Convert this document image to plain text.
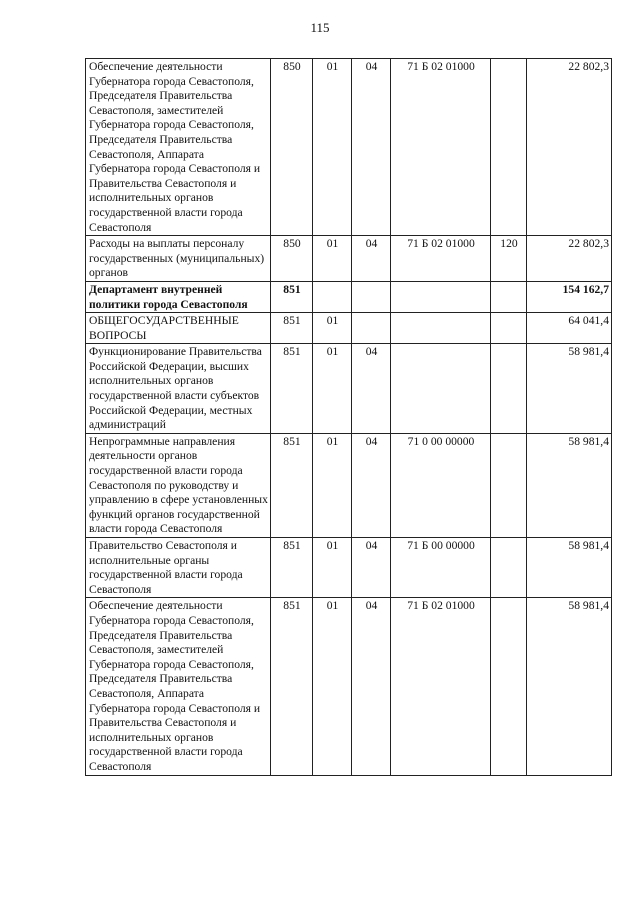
115
Обеспечение деятельности Губернатора города Севастополя, Председателя Правительства Севастополя, заместителей Губернатора города Севастополя, Председателя Правительства Севастополя, Аппарата Губернатора города Севастополя и Правительства Севастополя и исполнительных органов государственной власти города Севастополя	850	01	04	71 Б 02 01000		22 802,3
Расходы на выплаты персоналу государственных (муниципальных) органов	850	01	04	71 Б 02 01000	120	22 802,3
Департамент внутренней политики города Севастополя	851					154 162,7
ОБЩЕГОСУДАРСТВЕННЫЕ ВОПРОСЫ	851	01				64 041,4
Функционирование Правительства Российской Федерации, высших исполнительных органов государственной власти субъектов Российской Федерации, местных администраций	851	01	04			58 981,4
Непрограммные направления деятельности органов государственной власти города Севастополя по руководству и управлению в сфере установленных функций органов государственной власти города Севастополя	851	01	04	71 0 00 00000		58 981,4
Правительство Севастополя и исполнительные органы государственной власти города Севастополя	851	01	04	71 Б 00 00000		58 981,4
Обеспечение деятельности Губернатора города Севастополя, Председателя Правительства Севастополя, заместителей Губернатора города Севастополя, Председателя Правительства Севастополя, Аппарата Губернатора города Севастополя и Правительства Севастополя и исполнительных органов государственной власти города Севастополя	851	01	04	71 Б 02 01000		58 981,4
